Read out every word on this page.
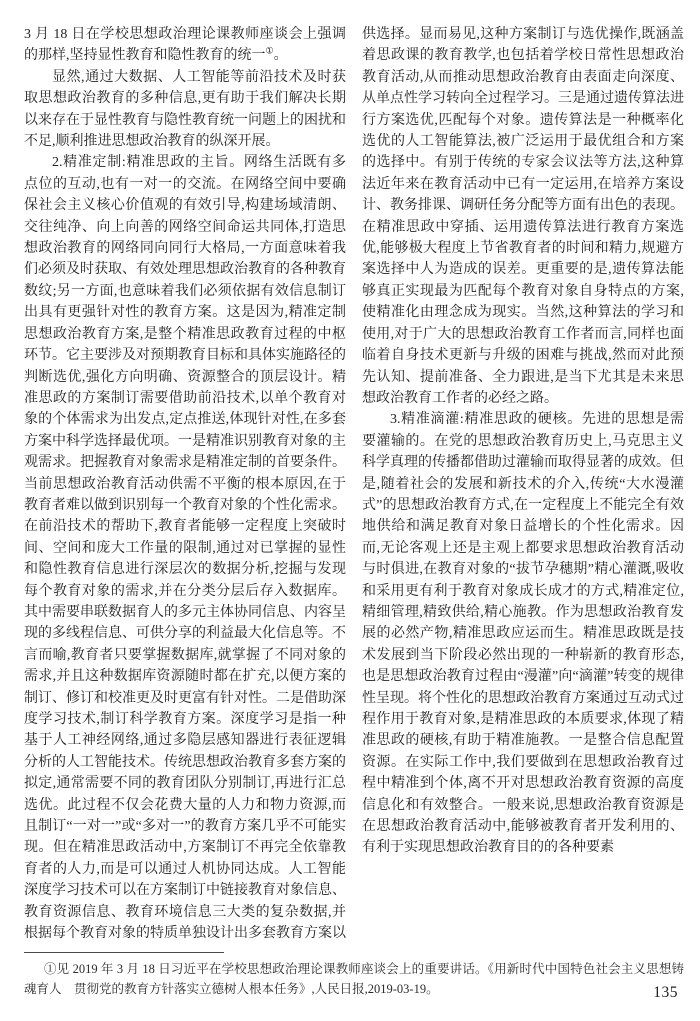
3 月 18 日在学校思想政治理论课教师座谈会上强调的那样,坚持显性教育和隐性教育的统一①。

显然,通过大数据、人工智能等前沿技术及时获取思想政治教育的多种信息,更有助于我们解决长期以来存在于显性教育与隐性教育统一问题上的困扰和不足,顺利推进思想政治教育的纵深开展。

2.精准定制:精准思政的主旨。网络生活既有多点位的互动,也有一对一的交流。在网络空间中要确保社会主义核心价值观的有效引导,构建场域清朗、交往纯净、向上向善的网络空间命运共同体,打造思想政治教育的网络同向同行大格局,一方面意味着我们必须及时获取、有效处理思想政治教育的各种教育数纹;另一方面,也意味着我们必须依据有效信息制订出具有更强针对性的教育方案。这是因为,精准定制思想政治教育方案,是整个精准思政教育过程的中枢环节。它主要涉及对预期教育目标和具体实施路径的判断选优,强化方向明确、资源整合的顶层设计。精准思政的方案制订需要借助前沿技术,以单个教育对象的个体需求为出发点,定点推送,体现针对性,在多套方案中科学选择最优项。一是精准识别教育对象的主观需求。把握教育对象需求是精准定制的首要条件。当前思想政治教育活动供需不平衡的根本原因,在于教育者难以做到识别每一个教育对象的个性化需求。在前沿技术的帮助下,教育者能够一定程度上突破时间、空间和庞大工作量的限制,通过对已掌握的显性和隐性教育信息进行深层次的数据分析,挖掘与发现每个教育对象的需求,并在分类分层后存入数据库。其中需要串联数据育人的多元主体协同信息、内容呈现的多线程信息、可供分享的利益最大化信息等。不言而喻,教育者只要掌握数据库,就掌握了不同对象的需求,并且这种数据库资源随时都在扩充,以便方案的制订、修订和校准更及时更富有针对性。二是借助深度学习技术,制订科学教育方案。深度学习是指一种基于人工神经网络,通过多隐层感知器进行表征逻辑分析的人工智能技术。传统思想政治教育多套方案的拟定,通常需要不同的教育团队分别制订,再进行汇总选优。此过程不仅会花费大量的人力和物力资源,而且制订“一对一”或“多对一”的教育方案几乎不可能实现。但在精准思政活动中,方案制订不再完全依靠教育者的人力,而是可以通过人机协同达成。人工智能深度学习技术可以在方案制订中链接教育对象信息、教育资源信息、教育环境信息三大类的复杂数据,并根据每个教育对象的特质单独设计出多套教育方案以供选择。显而易见,这种方案制订与选优操作,既涵盖着思政课的教育教学,也包括着学校日常性思想政治教育活动,从而推动思想政治教育由表面走向深度、从单点性学习转向全过程学习。三是通过遗传算法进行方案选优,匹配每个对象。遗传算法是一种概率化选优的人工智能算法,被广泛运用于最优组合和方案的选择中。有别于传统的专家会议法等方法,这种算法近年来在教育活动中已有一定运用,在培养方案设计、教务排课、调研任务分配等方面有出色的表现。在精准思政中穿插、运用遗传算法进行教育方案选优,能够极大程度上节省教育者的时间和精力,规避方案选择中人为造成的误差。更重要的是,遗传算法能够真正实现最为匹配每个教育对象自身特点的方案,使精准化由理念成为现实。当然,这种算法的学习和使用,对于广大的思想政治教育工作者而言,同样也面临着自身技术更新与升级的困难与挑战,然而对此预先认知、提前准备、全力跟进,是当下尤其是未来思想政治教育工作者的必经之路。

3.精准滴灌:精准思政的硬核。先进的思想是需要灌输的。在党的思想政治教育历史上,马克思主义科学真理的传播都借助过灌输而取得显著的成效。但是,随着社会的发展和新技术的介入,传统“大水漫灌式”的思想政治教育方式,在一定程度上不能完全有效地供给和满足教育对象日益增长的个性化需求。因而,无论客观上还是主观上都要求思想政治教育活动与时俱进,在教育对象的“拔节孕穗期”精心灌溉,吸收和采用更有利于教育对象成长成才的方式,精准定位,精细管理,精致供给,精心施教。作为思想政治教育发展的必然产物,精准思政应运而生。精准思政既是技术发展到当下阶段必然出现的一种崭新的教育形态,也是思想政治教育过程由“漫灌”向“滴灌”转变的规律性呈现。将个性化的思想政治教育方案通过互动式过程作用于教育对象,是精准思政的本质要求,体现了精准思政的硬核,有助于精准施教。一是整合信息配置资源。在实际工作中,我们要做到在思想政治教育过程中精准到个体,离不开对思想政治教育资源的高度信息化和有效整合。一般来说,思想政治教育资源是在思想政治教育活动中,能够被教育者开发利用的、有利于实现思想政治教育目的的各种要素

①见 2019 年 3 月 18 日习近平在学校思想政治理论课教师座谈会上的重要讲话。《用新时代中国特色社会主义思想铸魂育人　贯彻党的教育方针落实立德树人根本任务》,人民日报,2019-03-19。	135
